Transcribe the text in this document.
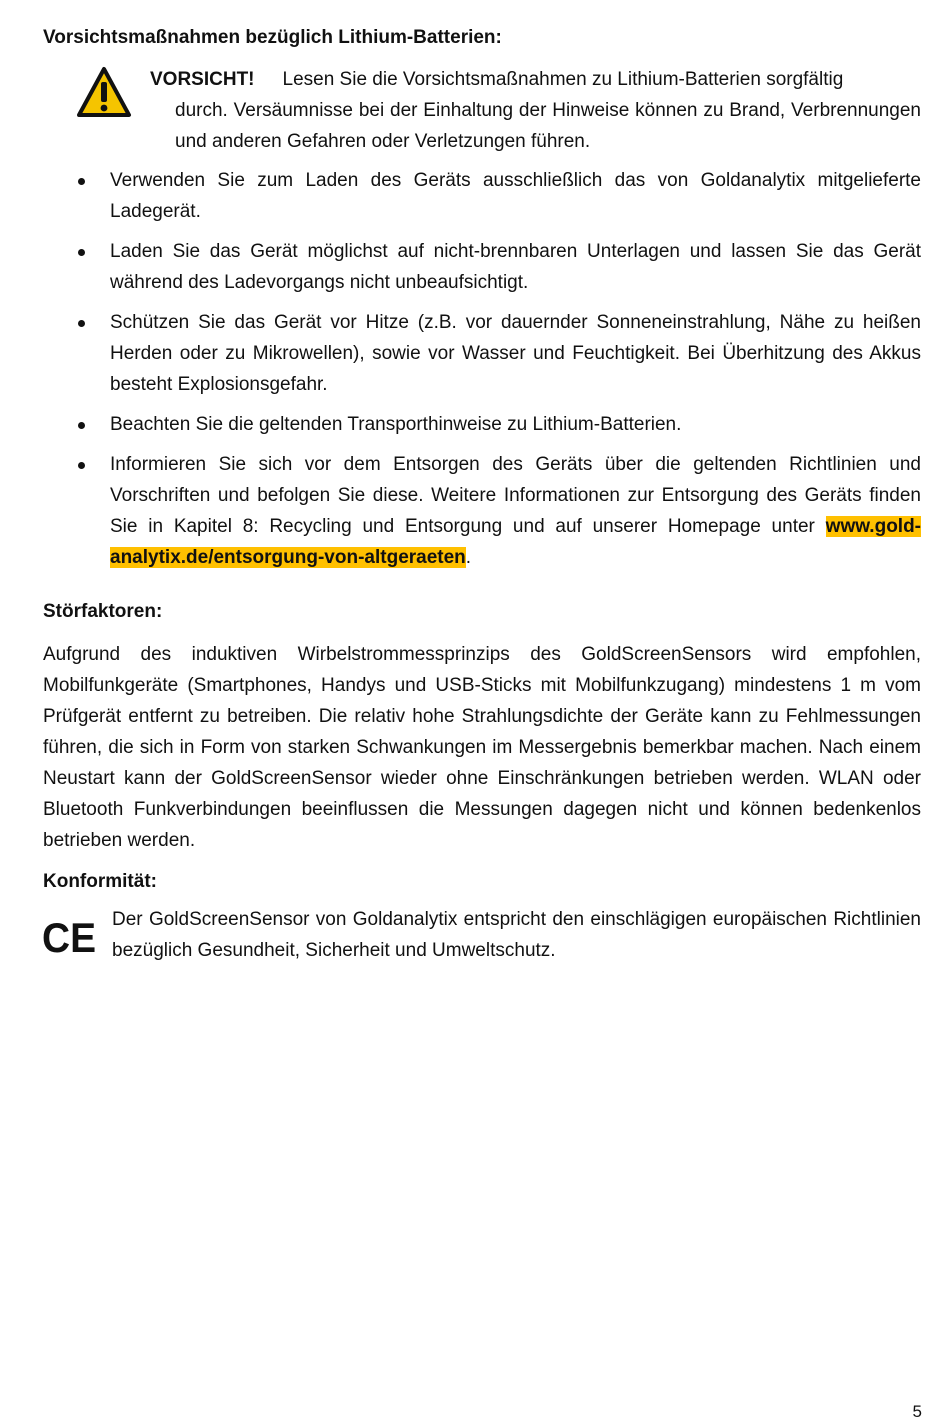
Vorsichtsmaßnahmen bezüglich Lithium-Batterien:
VORSICHT! Lesen Sie die Vorsichtsmaßnahmen zu Lithium-Batterien sorgfältig
durch. Versäumnisse bei der Einhaltung der Hinweise können zu Brand, Verbrennungen und anderen Gefahren oder Verletzungen führen.
Verwenden Sie zum Laden des Geräts ausschließlich das von Goldanalytix mitgelieferte Ladegerät.
Laden Sie das Gerät möglichst auf nicht-brennbaren Unterlagen und lassen Sie das Gerät während des Ladevorgangs nicht unbeaufsichtigt.
Schützen Sie das Gerät vor Hitze (z.B. vor dauernder Sonneneinstrahlung, Nähe zu heißen Herden oder zu Mikrowellen), sowie vor Wasser und Feuchtigkeit. Bei Überhitzung des Akkus besteht Explosionsgefahr.
Beachten Sie die geltenden Transporthinweise zu Lithium-Batterien.
Informieren Sie sich vor dem Entsorgen des Geräts über die geltenden Richtlinien und Vorschriften und befolgen Sie diese. Weitere Informationen zur Entsorgung des Geräts finden Sie in Kapitel 8: Recycling und Entsorgung und auf unserer Homepage unter www.gold-analytix.de/entsorgung-von-altgeraeten.
Störfaktoren:
Aufgrund des induktiven Wirbelstrommessprinzips des GoldScreenSensors wird empfohlen, Mobilfunkgeräte (Smartphones, Handys und USB-Sticks mit Mobilfunkzugang) mindestens 1 m vom Prüfgerät entfernt zu betreiben. Die relativ hohe Strahlungsdichte der Geräte kann zu Fehlmessungen führen, die sich in Form von starken Schwankungen im Messergebnis bemerkbar machen. Nach einem Neustart kann der GoldScreenSensor wieder ohne Einschränkungen betrieben werden. WLAN oder Bluetooth Funkverbindungen beeinflussen die Messungen dagegen nicht und können bedenkenlos betrieben werden.
Konformität:
CE Der GoldScreenSensor von Goldanalytix entspricht den einschlägigen europäischen Richtlinien bezüglich Gesundheit, Sicherheit und Umweltschutz.
5
